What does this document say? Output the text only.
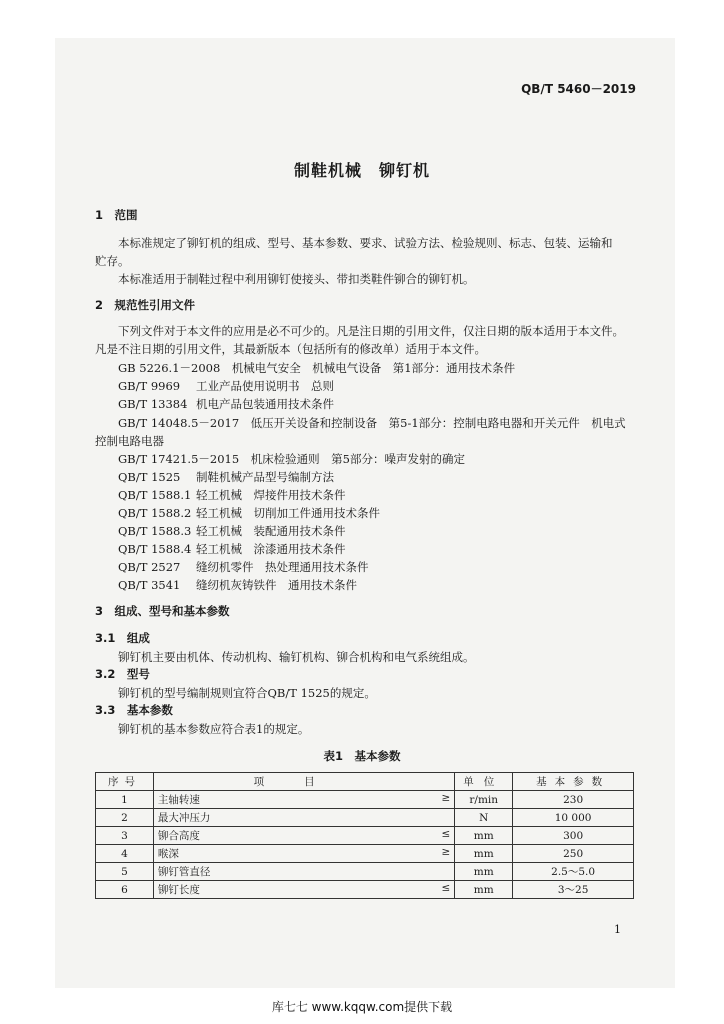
QB/T 5460－2019
制鞋机械　铆钉机
1　范围
本标准规定了铆钉机的组成、型号、基本参数、要求、试验方法、检验规则、标志、包装、运输和
贮存。
本标准适用于制鞋过程中利用铆钉使接头、带扣类鞋件铆合的铆钉机。
2　规范性引用文件
下列文件对于本文件的应用是必不可少的。凡是注日期的引用文件，仅注日期的版本适用于本文件。
凡是不注日期的引用文件，其最新版本（包括所有的修改单）适用于本文件。
GB 5226.1－2008　 机械电气安全　机械电气设备　第1部分：通用技术条件
GB/T 9969 工业产品使用说明书　总则
GB/T 13384 机电产品包装通用技术条件
GB/T 14048.5－2017　 低压开关设备和控制设备　第5-1部分：控制电路电器和开关元件　机电式
控制电路电器
GB/T 17421.5－2015　 机床检验通则　第5部分：噪声发射的确定
QB/T 1525 制鞋机械产品型号编制方法
QB/T 1588.1 轻工机械　焊接件用技术条件
QB/T 1588.2 轻工机械　切削加工件通用技术条件
QB/T 1588.3 轻工机械　装配通用技术条件
QB/T 1588.4 轻工机械　涂漆通用技术条件
QB/T 2527 缝纫机零件　热处理通用技术条件
QB/T 3541 缝纫机灰铸铁件　通用技术条件
3　组成、型号和基本参数
3.1　组成
铆钉机主要由机体、传动机构、输钉机构、铆合机构和电气系统组成。
3.2　型号
铆钉机的型号编制规则宜符合QB/T 1525的规定。
3.3　基本参数
铆钉机的基本参数应符合表1的规定。
表1　基本参数
序号	项目	单位	基本参数
1	主轴转速 ≥	r/min	230
2	最大冲压力	N	10 000
3	铆合高度 ≤	mm	300
4	喉深 ≥	mm	250
5	铆钉管直径	mm	2.5～5.0
6	铆钉长度 ≤	mm	3～25
1
库七七 www.kqqw.com提供下载
